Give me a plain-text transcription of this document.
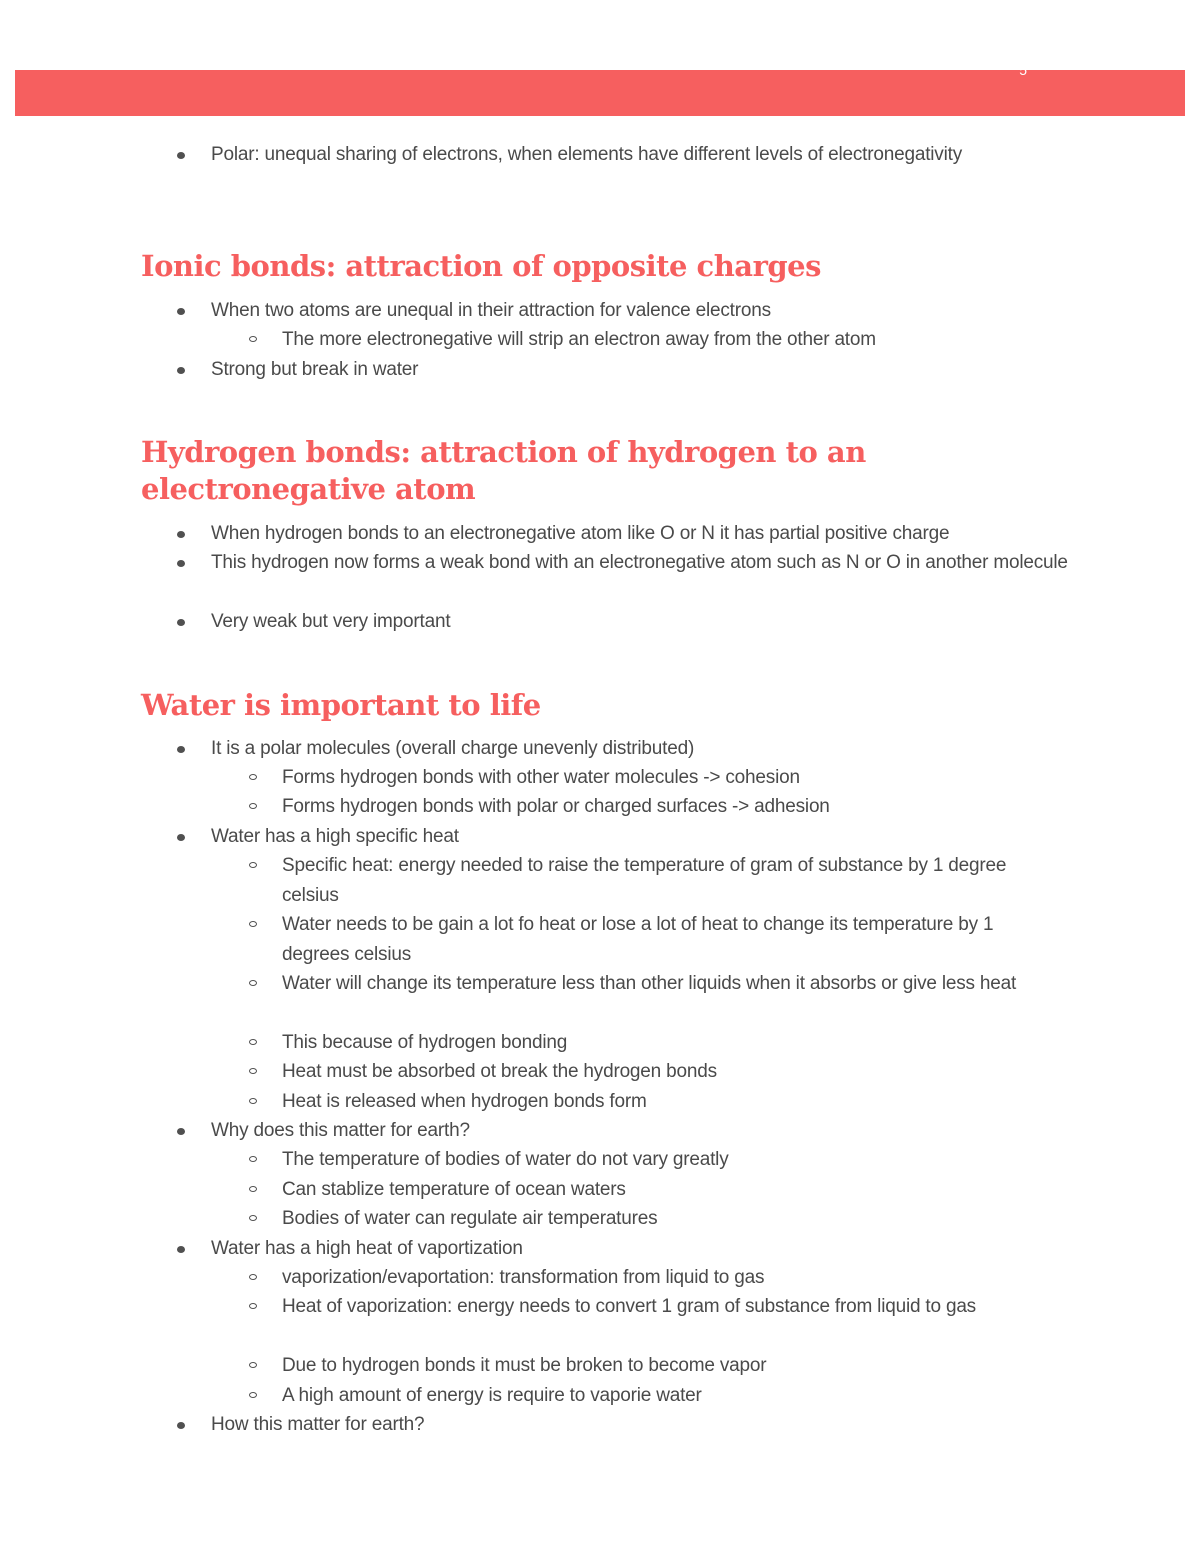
5
Polar: unequal sharing of electrons, when elements have different levels of electronegativity
Ionic bonds: attraction of opposite charges
When two atoms are unequal in their attraction for valence electrons
The more electronegative will strip an electron away from the other atom
Strong but break in water
Hydrogen bonds: attraction of hydrogen to an electronegative atom
When hydrogen bonds to an electronegative atom like O or N it has partial positive charge
This hydrogen now forms a weak bond with an electronegative atom such as N or O in another molecule
Very weak but very important
Water is important to life
It is a polar molecules (overall charge unevenly distributed)
Forms hydrogen bonds with other water molecules -> cohesion
Forms hydrogen bonds with polar or charged surfaces -> adhesion
Water has a high specific heat
Specific heat: energy needed to raise the temperature of gram of substance by 1 degree celsius
Water needs to be gain a lot fo heat or lose a lot of heat to change its temperature by 1 degrees celsius
Water will change its temperature less than other liquids when it absorbs or give less heat
This because of hydrogen bonding
Heat must be absorbed ot break the hydrogen bonds
Heat is released when hydrogen bonds form
Why does this matter for earth?
The temperature of bodies of water do not vary greatly
Can stablize temperature of ocean waters
Bodies of water can regulate air temperatures
Water has a high heat of vaportization
vaporization/evaportation: transformation from liquid to gas
Heat of vaporization: energy needs to convert 1 gram of substance from liquid to gas
Due to hydrogen bonds it must be broken to become vapor
A high amount of energy is require to vaporie water
How this matter for earth?
